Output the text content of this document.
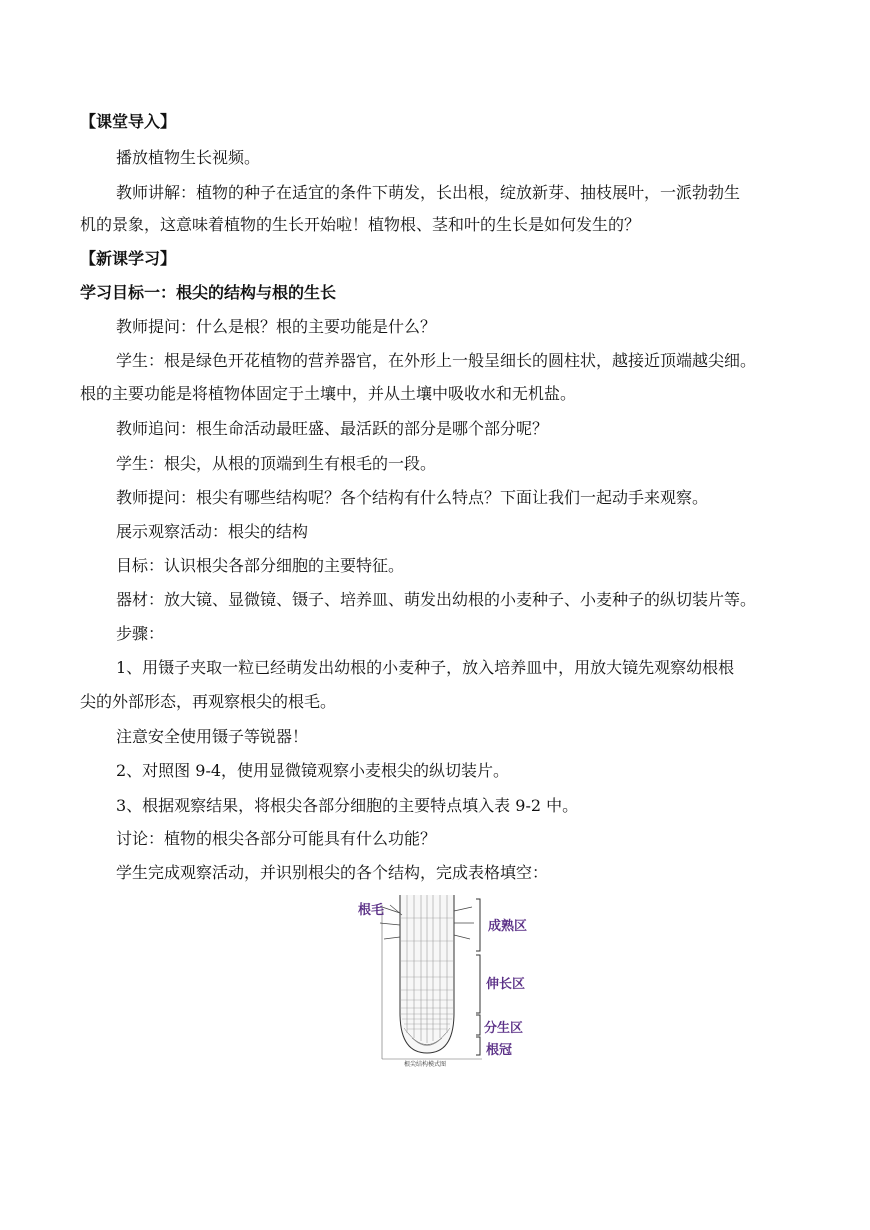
【课堂导入】
播放植物生长视频。
教师讲解：植物的种子在适宜的条件下萌发，长出根，绽放新芽、抽枝展叶，一派勃勃生
机的景象，这意味着植物的生长开始啦！植物根、茎和叶的生长是如何发生的？
【新课学习】
学习目标一：根尖的结构与根的生长
教师提问：什么是根？根的主要功能是什么？
学生：根是绿色开花植物的营养器官，在外形上一般呈细长的圆柱状，越接近顶端越尖细。
根的主要功能是将植物体固定于土壤中，并从土壤中吸收水和无机盐。
教师追问：根生命活动最旺盛、最活跃的部分是哪个部分呢？
学生：根尖，从根的顶端到生有根毛的一段。
教师提问：根尖有哪些结构呢？各个结构有什么特点？下面让我们一起动手来观察。
展示观察活动：根尖的结构
目标：认识根尖各部分细胞的主要特征。
器材：放大镜、显微镜、镊子、培养皿、萌发出幼根的小麦种子、小麦种子的纵切装片等。
步骤：
1、用镊子夹取一粒已经萌发出幼根的小麦种子，放入培养皿中，用放大镜先观察幼根根
尖的外部形态，再观察根尖的根毛。
注意安全使用镊子等锐器！
2、对照图 9-4，使用显微镜观察小麦根尖的纵切装片。
3、根据观察结果，将根尖各部分细胞的主要特点填入表 9-2 中。
讨论：植物的根尖各部分可能具有什么功能？
学生完成观察活动，并识别根尖的各个结构，完成表格填空：
根毛
成熟区
伸长区
分生区
根冠
根尖结构模式图
